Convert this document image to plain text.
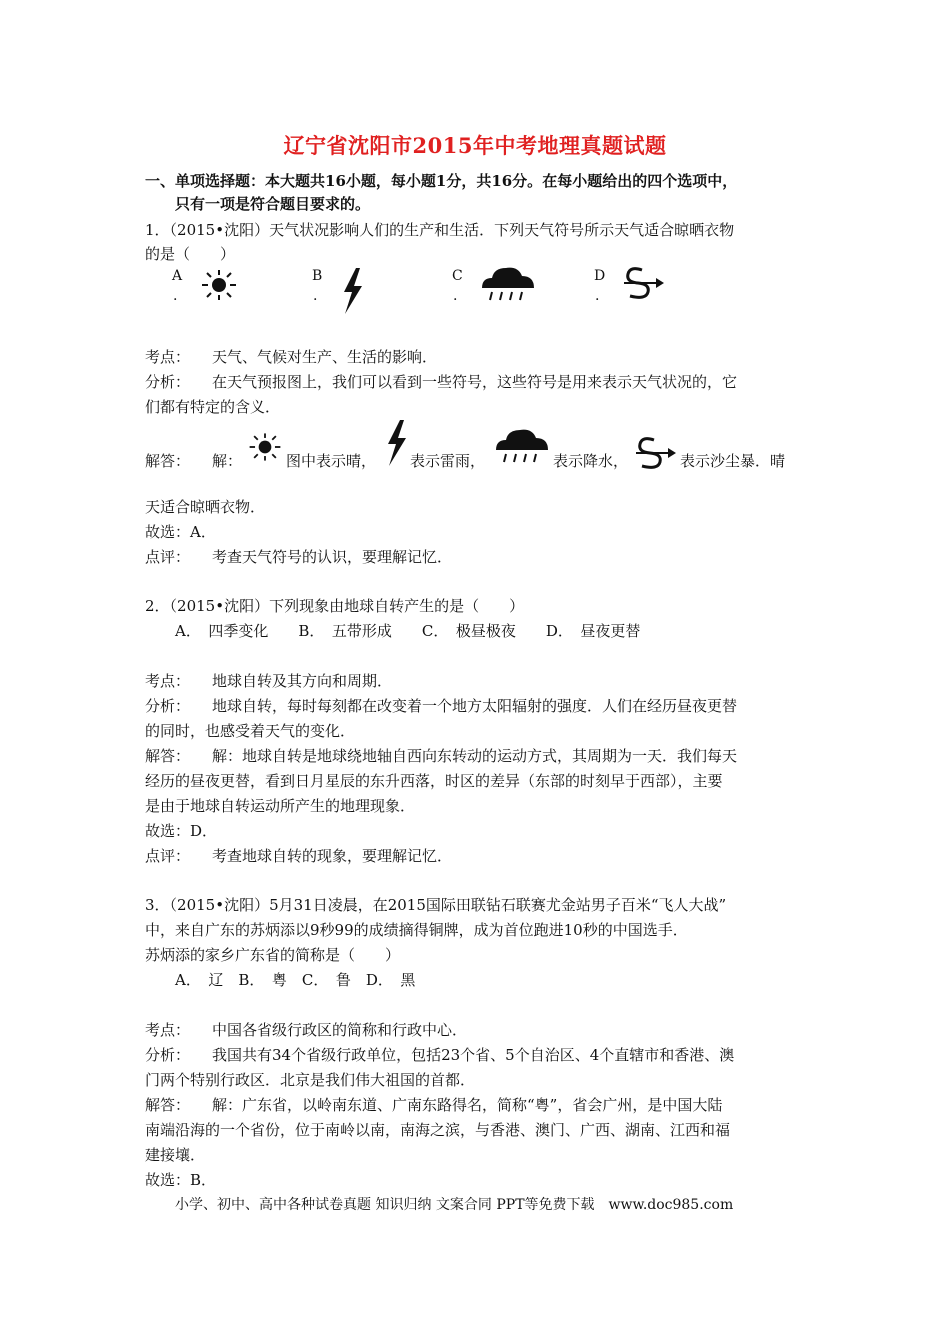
辽宁省沈阳市2015年中考地理真题试题
一、单项选择题：本大题共16小题，每小题1分，共16分。在每小题给出的四个选项中，
只有一项是符合题目要求的。
1．（2015•沈阳）天气状况影响人们的生产和生活．下列天气符号所示天气适合晾晒衣物
的是（　　）
A
.
B
.
C
.
D
.
考点： 天气、气候对生产、生活的影响．
分析： 在天气预报图上，我们可以看到一些符号，这些符号是用来表示天气状况的，它
们都有特定的含义．
解答： 解：	图中表示晴， 表示雷雨，	表示降水，	表示沙尘暴．晴
天适合晾晒衣物．
故选：A．
点评： 考查天气符号的认识，要理解记忆．
2．（2015•沈阳）下列现象由地球自转产生的是（　　）
A．　四季变化　　B．　五带形成　　C．　极昼极夜　　D．　昼夜更替
考点： 地球自转及其方向和周期．
分析： 地球自转，每时每刻都在改变着一个地方太阳辐射的强度．人们在经历昼夜更替
的同时，也感受着天气的变化．
解答： 解：地球自转是地球绕地轴自西向东转动的运动方式，其周期为一天．我们每天
经历的昼夜更替，看到日月星辰的东升西落，时区的差异（东部的时刻早于西部），主要
是由于地球自转运动所产生的地理现象．
故选：D．
点评： 考查地球自转的现象，要理解记忆．
3．（2015•沈阳）5月31日凌晨，在2015国际田联钻石联赛尤金站男子百米“飞人大战”
中，来自广东的苏炳添以9秒99的成绩摘得铜牌，成为首位跑进10秒的中国选手．
苏炳添的家乡广东省的简称是（　　）
A．　辽　B．　粤　C．　鲁　D．　黑
考点： 中国各省级行政区的简称和行政中心．
分析： 我国共有34个省级行政单位，包括23个省、5个自治区、4个直辖市和香港、澳
门两个特别行政区．北京是我们伟大祖国的首都．
解答： 解：广东省，以岭南东道、广南东路得名，简称“粤”，省会广州，是中国大陆
南端沿海的一个省份，位于南岭以南，南海之滨，与香港、澳门、广西、湖南、江西和福
建接壤．
故选：B．
小学、初中、高中各种试卷真题 知识归纳 文案合同 PPT等免费下载　www.doc985.com
